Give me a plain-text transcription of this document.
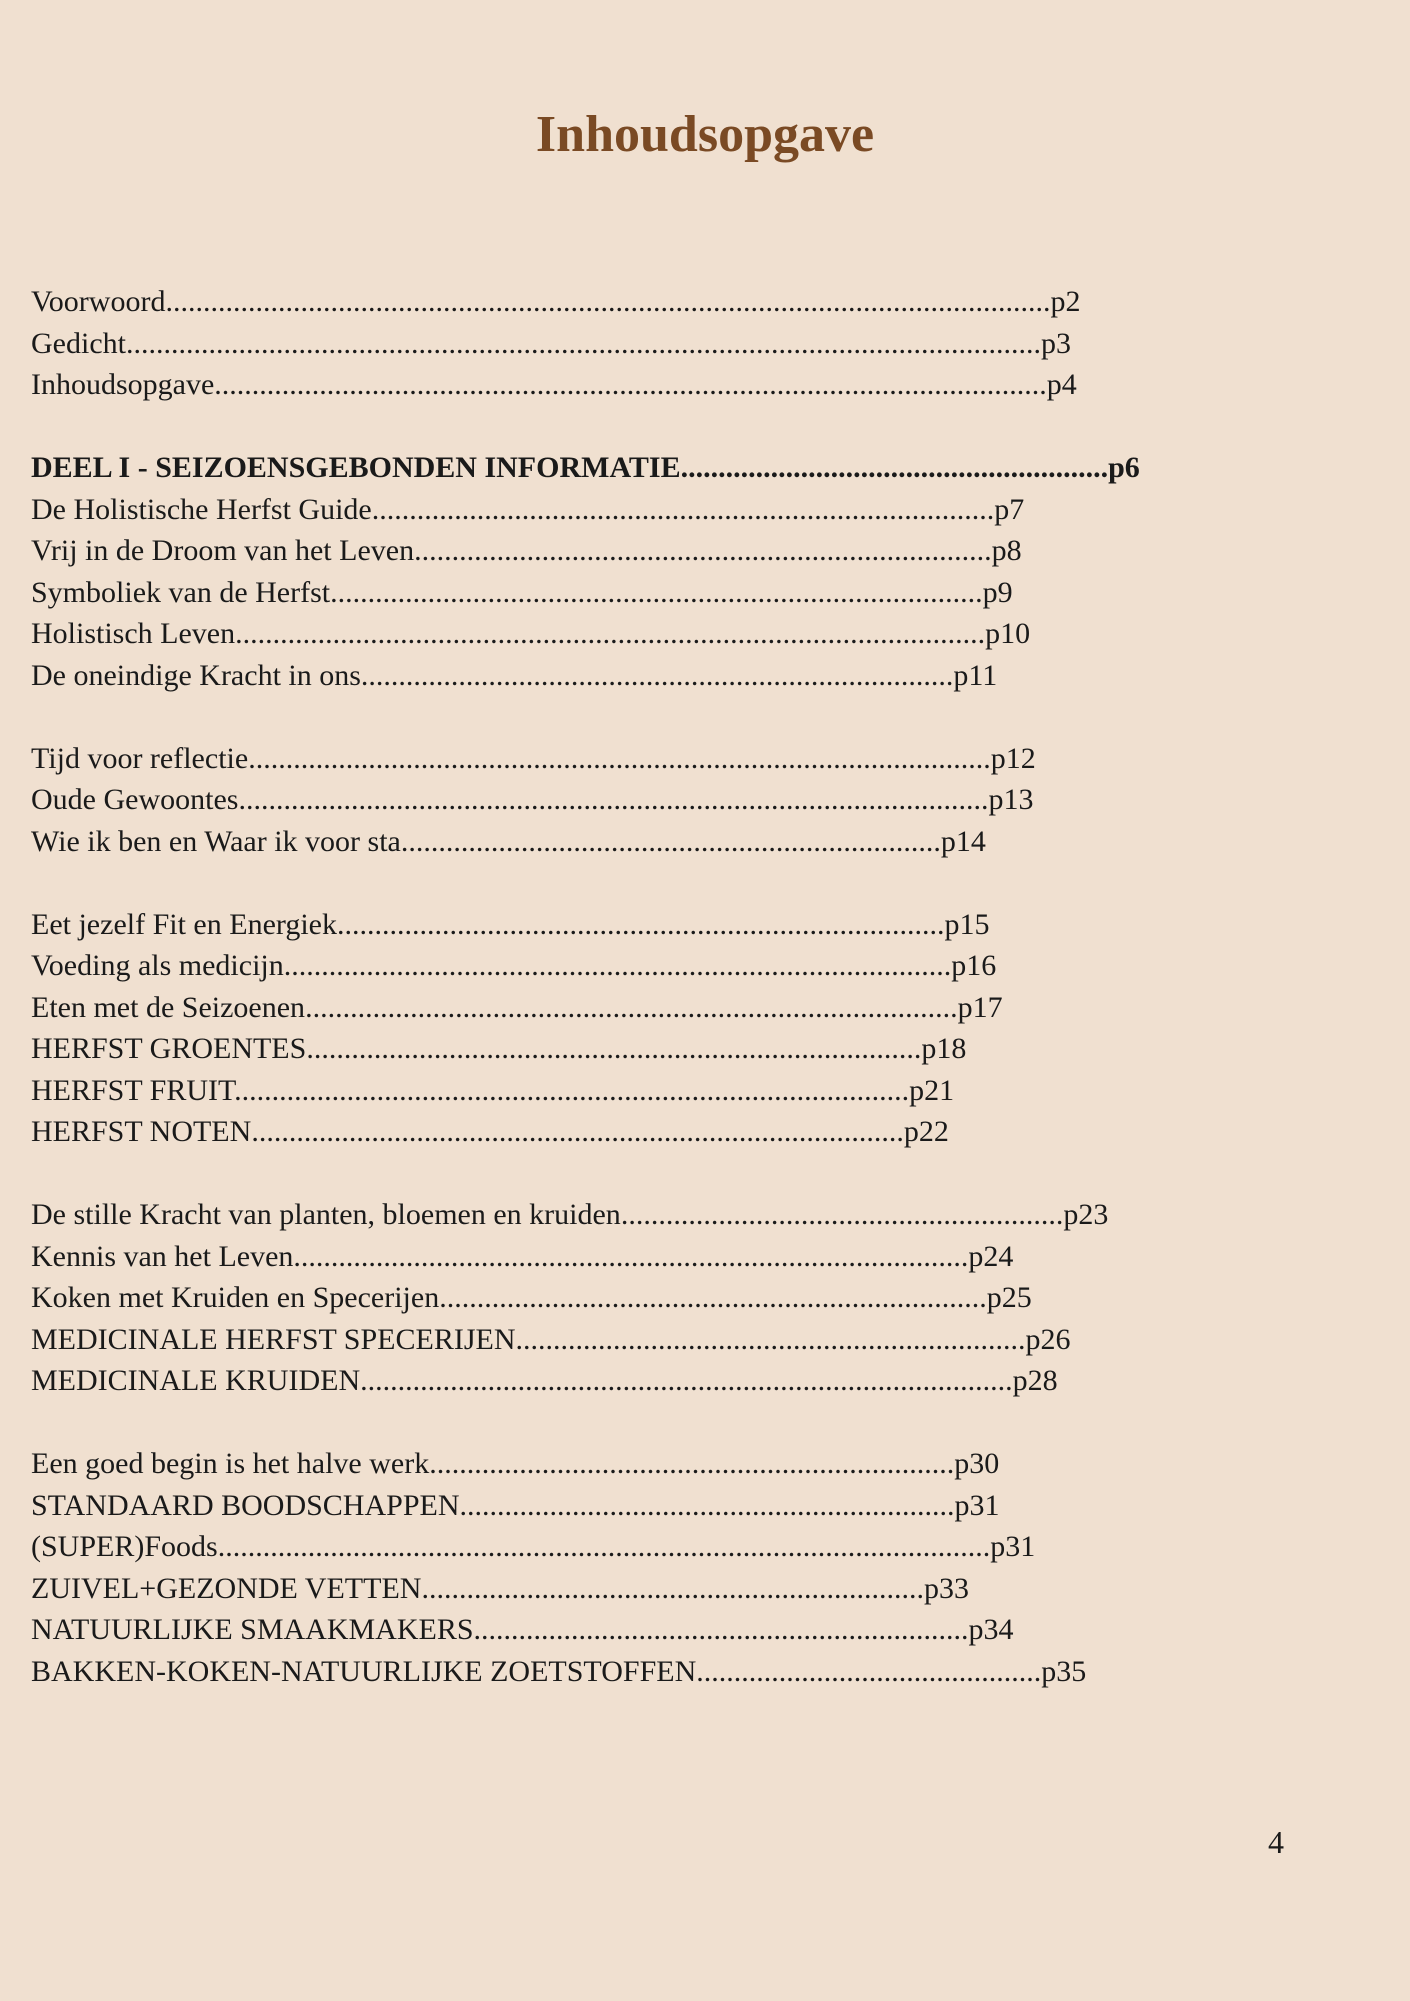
Inhoudsopgave
Voorwoord......................................................................................................................p2
Gedicht..........................................................................................................................p3
Inhoudsopgave...............................................................................................................p4
DEEL I - SEIZOENSGEBONDEN INFORMATIE.........................................................p6
De Holistische Herfst Guide...................................................................................p7
Vrij in de Droom van het Leven.............................................................................p8
Symboliek van de Herfst.......................................................................................p9
Holistisch Leven....................................................................................................p10
De oneindige Kracht in ons...............................................................................p11
Tijd voor reflectie...................................................................................................p12
Oude Gewoontes....................................................................................................p13
Wie ik ben en Waar ik voor sta........................................................................p14
Eet jezelf Fit en Energiek.................................................................................p15
Voeding als medicijn.........................................................................................p16
Eten met de Seizoenen.......................................................................................p17
HERFST GROENTES..................................................................................p18
HERFST FRUIT..........................................................................................p21
HERFST NOTEN.......................................................................................p22
De stille Kracht van planten, bloemen en kruiden...........................................................p23
Kennis van het Leven..........................................................................................p24
Koken met Kruiden en Specerijen.........................................................................p25
MEDICINALE HERFST SPECERIJEN....................................................................p26
MEDICINALE KRUIDEN.......................................................................................p28
Een goed begin is het halve werk......................................................................p30
STANDAARD BOODSCHAPPEN..................................................................p31
(SUPER)Foods.......................................................................................................p31
ZUIVEL+GEZONDE VETTEN...................................................................p33
NATUURLIJKE SMAAKMAKERS..................................................................p34
BAKKEN-KOKEN-NATUURLIJKE ZOETSTOFFEN..............................................p35
4
